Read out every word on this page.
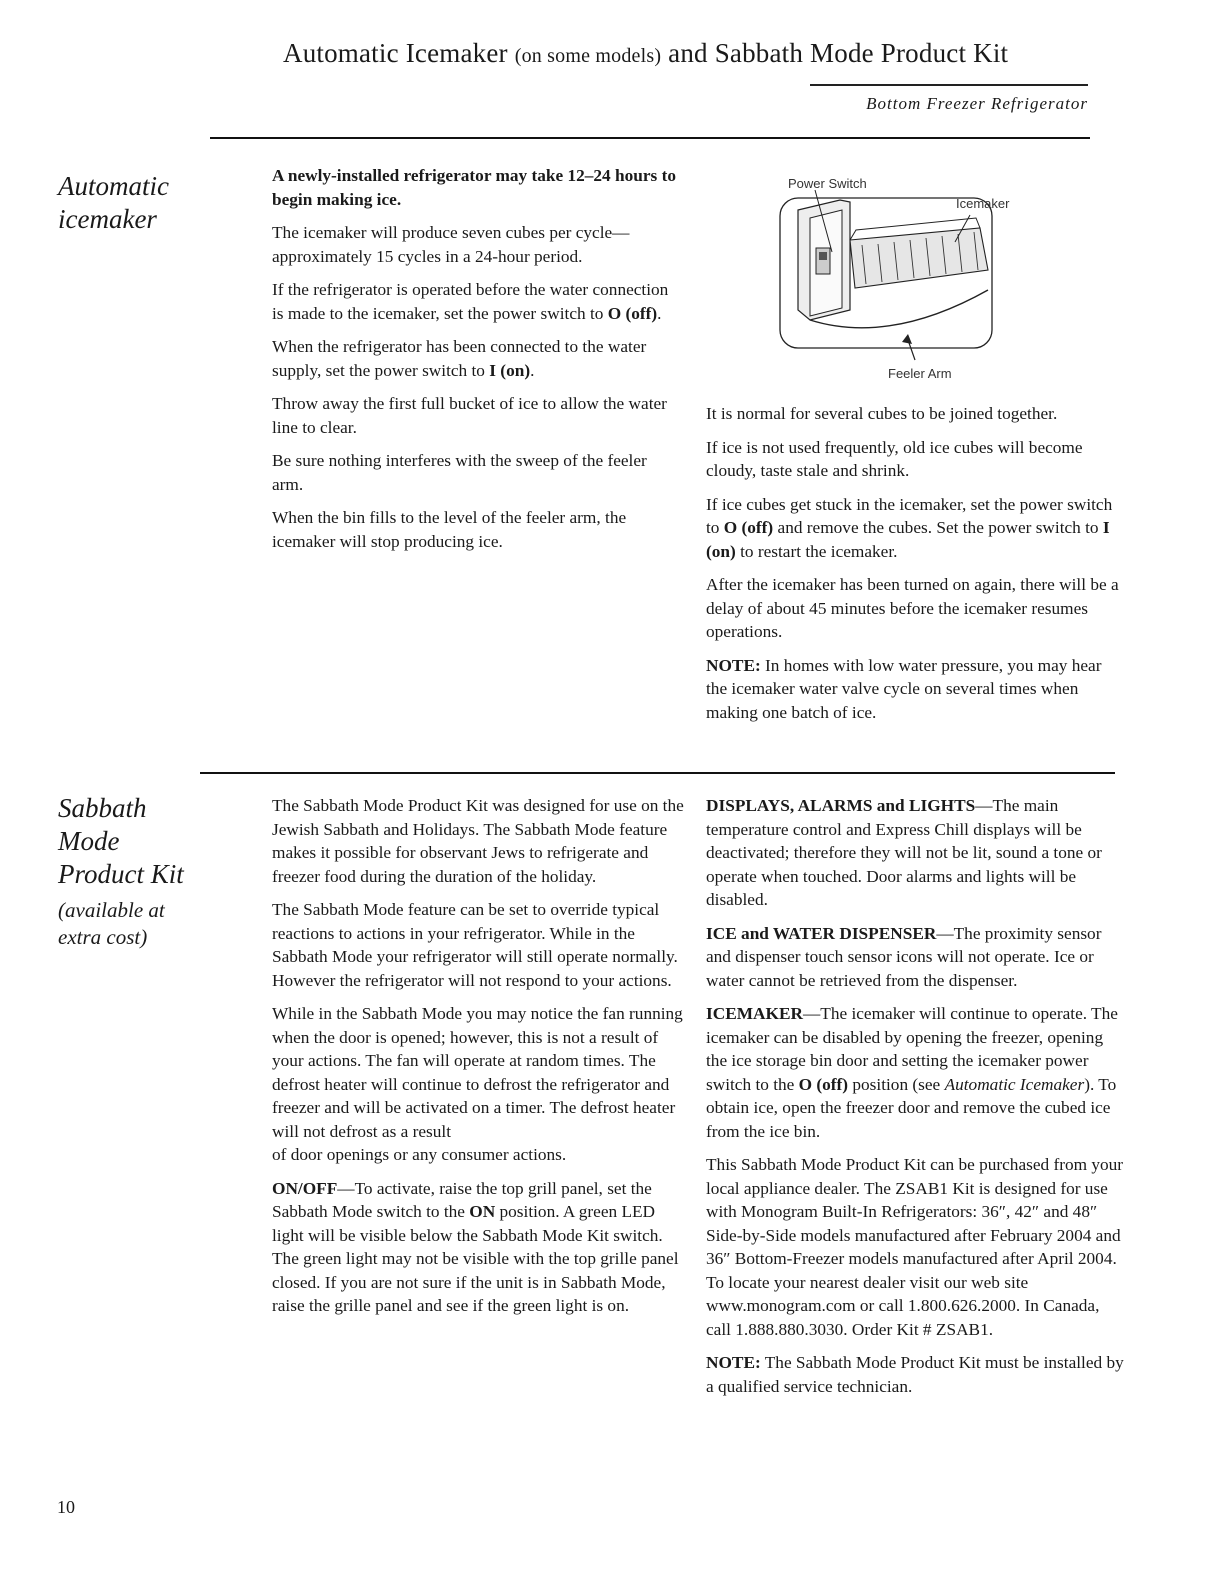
Automatic Icemaker (on some models) and Sabbath Mode Product Kit
Bottom Freezer Refrigerator
Automatic
icemaker

A newly-installed refrigerator may take 12–24 hours to begin making ice.

The icemaker will produce seven cubes per cycle—approximately 15 cycles in a 24-hour period.

If the refrigerator is operated before the water connection is made to the icemaker, set the power switch to O (off).

When the refrigerator has been connected to the water supply, set the power switch to I (on).

Throw away the first full bucket of ice to allow the water line to clear.

Be sure nothing interferes with the sweep of the feeler arm.

When the bin fills to the level of the feeler arm, the icemaker will stop producing ice.

Power Switch
Icemaker
Feeler Arm

It is normal for several cubes to be joined together.

If ice is not used frequently, old ice cubes will become cloudy, taste stale and shrink.

If ice cubes get stuck in the icemaker, set the power switch to O (off) and remove the cubes. Set the power switch to I (on) to restart the icemaker.

After the icemaker has been turned on again, there will be a delay of about 45 minutes before the icemaker resumes operations.

NOTE: In homes with low water pressure, you may hear the icemaker water valve cycle on several times when making one batch of ice.

Sabbath
Mode
Product Kit
(available at
extra cost)

The Sabbath Mode Product Kit was designed for use on the Jewish Sabbath and Holidays. The Sabbath Mode feature makes it possible for observant Jews to refrigerate and freezer food during the duration of the holiday.

The Sabbath Mode feature can be set to override typical reactions to actions in your refrigerator. While in the Sabbath Mode your refrigerator will still operate normally. However the refrigerator will not respond to your actions.

While in the Sabbath Mode you may notice the fan running when the door is opened; however, this is not a result of your actions. The fan will operate at random times. The defrost heater will continue to defrost the refrigerator and freezer and will be activated on a timer. The defrost heater will not defrost as a result

of door openings or any consumer actions.

ON/OFF—To activate, raise the top grill panel, set the Sabbath Mode switch to the ON position. A green LED light will be visible below the Sabbath Mode Kit switch. The green light may not be visible with the top grille panel closed. If you are not sure if the unit is in Sabbath Mode, raise the grille panel and see if the green light is on.

DISPLAYS, ALARMS and LIGHTS—The main temperature control and Express Chill displays will be deactivated; therefore they will not be lit, sound a tone or operate when touched. Door alarms and lights will be disabled.

ICE and WATER DISPENSER—The proximity sensor and dispenser touch sensor icons will not operate. Ice or water cannot be retrieved from the dispenser.

ICEMAKER—The icemaker will continue to operate. The icemaker can be disabled by opening the freezer, opening the ice storage bin door and setting the icemaker power switch to the O (off) position (see Automatic Icemaker). To obtain ice, open the freezer door and remove the cubed ice from the ice bin.

This Sabbath Mode Product Kit can be purchased from your local appliance dealer. The ZSAB1 Kit is designed for use with Monogram Built-In Refrigerators: 36″, 42″ and 48″ Side-by-Side models manufactured after February 2004 and 36″ Bottom-Freezer models manufactured after April 2004. To locate your nearest dealer visit our web site www.monogram.com or call 1.800.626.2000. In Canada, call 1.888.880.3030. Order Kit # ZSAB1.

NOTE: The Sabbath Mode Product Kit must be installed by a qualified service technician.

10
